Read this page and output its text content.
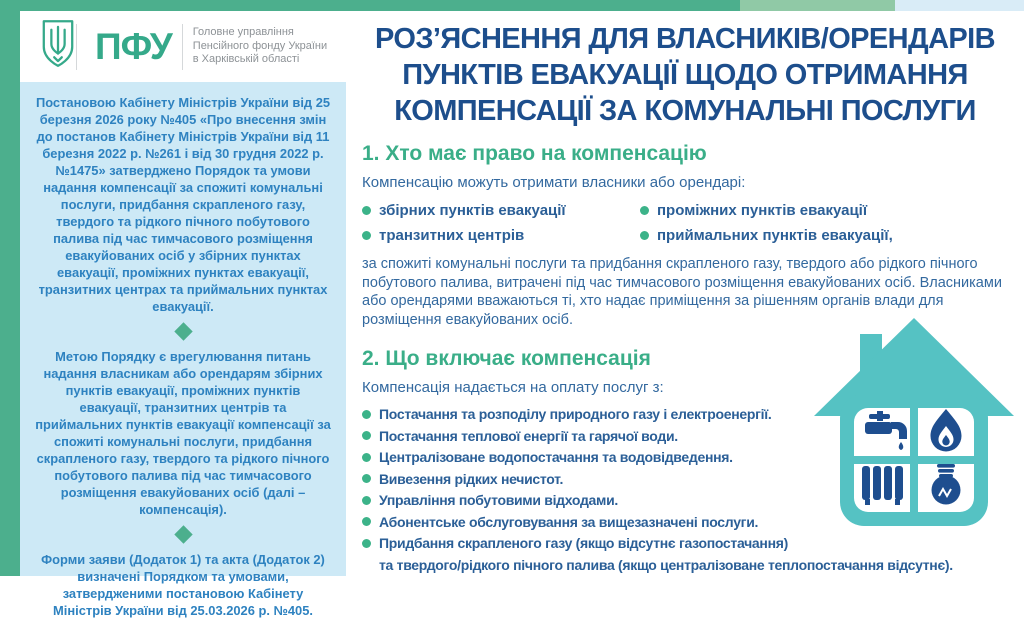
ПФУ Головне управління
Пенсійного фонду України
в Харківській області

Постановою Кабінету Міністрів України від 25 березня 2026 року №405 «Про внесення змін до постанов Кабінету Міністрів України від 11 березня 2022 р. №261 і від 30 грудня 2022 р. №1475» затверджено Порядок та умови надання компенсації за спожиті комунальні послуги, придбання скрапленого газу, твердого та рідкого пічного побутового палива під час тимчасового розміщення евакуйованих осіб у збірних пунктах евакуації, проміжних пунктах евакуації, транзитних центрах та приймальних пунктах евакуації.

Метою Порядку є врегулювання питань надання власникам або орендарям збірних пунктів евакуації, проміжних пунктів евакуації, транзитних центрів та приймальних пунктів евакуації компенсації за спожиті комунальні послуги, придбання скрапленого газу, твердого та рідкого пічного побутового палива під час тимчасового розміщення евакуйованих осіб (далі – компенсація).

Форми заяви (Додаток 1) та акта (Додаток 2) визначені Порядком та умовами, затвердженими постановою Кабінету Міністрів України від 25.03.2026 р. №405.

РОЗ’ЯСНЕННЯ ДЛЯ ВЛАСНИКІВ/ОРЕНДАРІВ
ПУНКТІВ ЕВАКУАЦІЇ ЩОДО ОТРИМАННЯ
КОМПЕНСАЦІЇ ЗА КОМУНАЛЬНІ ПОСЛУГИ
1. Хто має право на компенсацію

Компенсацію можуть отримати власники або орендарі:

збірних пунктів евакуації	проміжних пунктів евакуації
транзитних центрів	приймальних пунктів евакуації,

за спожиті комунальні послуги та придбання скрапленого газу, твердого або рідкого пічного побутового палива, витрачені під час тимчасового розміщення евакуйованих осіб. Власниками або орендарями вважаються ті, хто надає приміщення за рішенням органів влади для розміщення евакуйованих осіб.

2. Що включає компенсація

Компенсація надається на оплату послуг з:

Постачання та розподілу природного газу і електроенергії.
Постачання теплової енергії та гарячої води.
Централізоване водопостачання та водовідведення.
Вивезення рідких нечистот.
Управління побутовими відходами.
Абонентське обслуговування за вищезазначені послуги.
Придбання скрапленого газу (якщо відсутнє газопостачання)
та твердого/рідкого пічного палива (якщо централізоване теплопостачання відсутнє).
